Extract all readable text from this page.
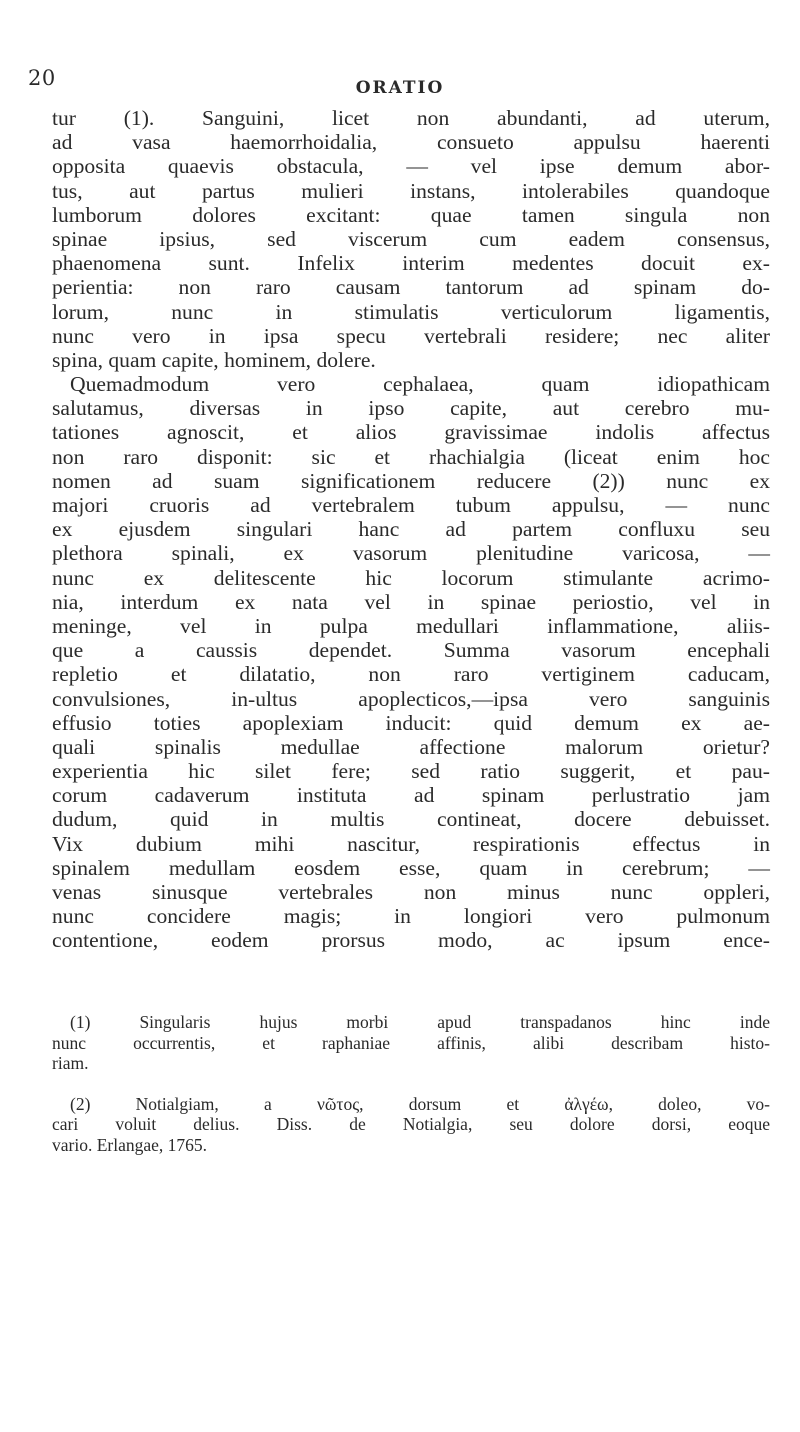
20	ORATIO
tur (1). Sanguini, licet non abundanti, ad uterum,
ad vasa haemorrhoidalia, consueto appulsu haerenti
opposita quaevis obstacula, — vel ipse demum abor-
tus, aut partus mulieri instans, intolerabiles quandoque
lumborum dolores excitant: quae tamen singula non
spinae ipsius, sed viscerum cum eadem consensus,
phaenomena sunt. Infelix interim medentes docuit ex-
perientia: non raro causam tantorum ad spinam do-
lorum, nunc in stimulatis verticulorum ligamentis,
nunc vero in ipsa specu vertebrali residere; nec aliter
spina, quam capite, hominem, dolere.
Quemadmodum vero cephalaea, quam idiopathicam
salutamus, diversas in ipso capite, aut cerebro mu-
tationes agnoscit, et alios gravissimae indolis affectus
non raro disponit: sic et rhachialgia (liceat enim hoc
nomen ad suam significationem reducere (2)) nunc ex
majori cruoris ad vertebralem tubum appulsu, — nunc
ex ejusdem singulari hanc ad partem confluxu seu
plethora spinali, ex vasorum plenitudine varicosa, —
nunc ex delitescente hic locorum stimulante acrimo-
nia, interdum ex nata vel in spinae periostio, vel in
meninge, vel in pulpa medullari inflammatione, aliis-
que a caussis dependet. Summa vasorum encephali
repletio et dilatatio, non raro vertiginem caducam,
convulsiones, in-ultus apoplecticos,—ipsa vero sanguinis
effusio toties apoplexiam inducit: quid demum ex ae-
quali spinalis medullae affectione malorum orietur?
experientia hic silet fere; sed ratio suggerit, et pau-
corum cadaverum instituta ad spinam perlustratio jam
dudum, quid in multis contineat, docere debuisset.
Vix dubium mihi nascitur, respirationis effectus in
spinalem medullam eosdem esse, quam in cerebrum; —
venas sinusque vertebrales non minus nunc oppleri,
nunc concidere magis; in longiori vero pulmonum
contentione, eodem prorsus modo, ac ipsum ence-
(1) Singularis hujus morbi apud transpadanos hinc inde
nunc occurrentis, et raphaniae affinis, alibi describam histo-
riam.
(2) Notialgiam, a νῶτος, dorsum et ἀλγέω, doleo, vo-
cari voluit delius. Diss. de Notialgia, seu dolore dorsi, eoque
vario. Erlangae, 1765.
